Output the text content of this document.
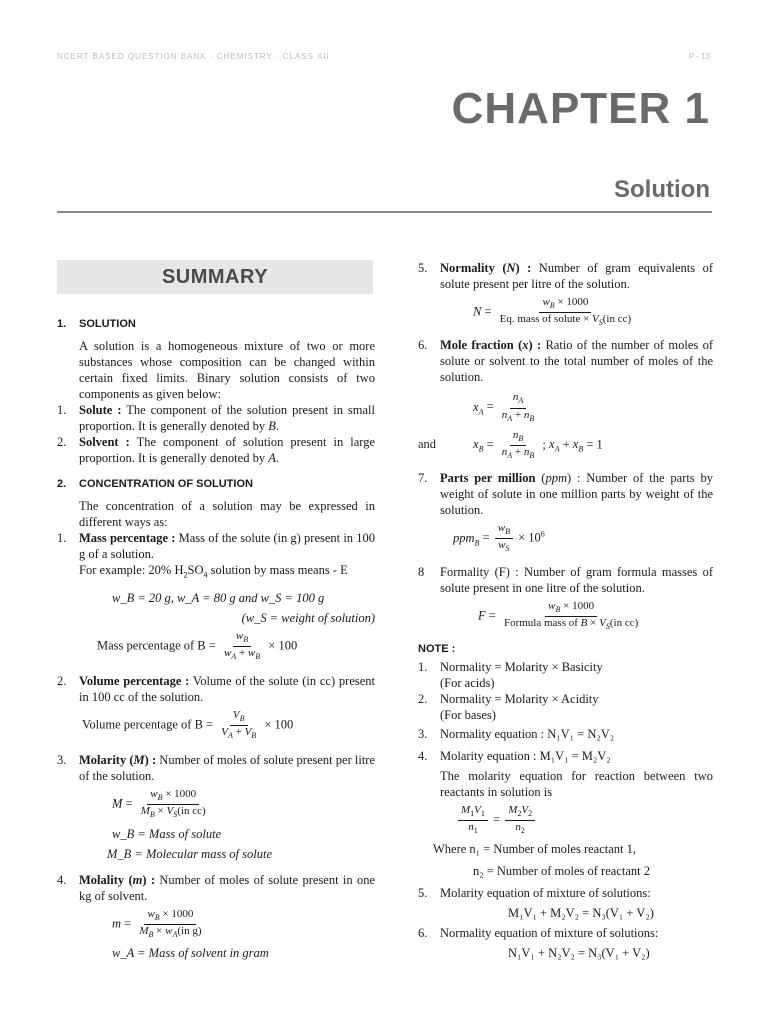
NCERT BASED QUESTION BANK · CHEMISTRY · CLASS XII	P - 13
CHAPTER 1
Solution
SUMMARY
1. SOLUTION

A solution is a homogeneous mixture of two or more substances whose composition can be changed within certain fixed limits. Binary solution consists of two components as given below:

1.	Solute : The component of the solution present in small proportion. It is generally denoted by B.
2.	Solvent : The component of solution present in large proportion. It is generally denoted by A.
2. CONCENTRATION OF SOLUTION

The concentration of a solution may be expressed in different ways as:

1.	Mass percentage : Mass of the solute (in g) present in 100 g of a solution.
For example: 20% $H_2SO_4$ solution by mass means - E
w_B = 20 g, w_A = 80 g and w_S = 100 g
(w_S = weight of solution)
Mass percentage of $B = \frac{w_B}{w_A + w_B} \times 100$
2.	Volume percentage : Volume of the solute (in cc) present in 100 cc of the solution.
Volume percentage of $B = \frac{V_B}{V_A + V_B} \times 100$
3.	Molarity (M) : Number of moles of solute present per litre of the solution.
$M = \frac{w_B \times 1000}{M_B \times V_S(in cc)}$
w_B = Mass of solute
M_B = Molecular mass of solute
4.	Molality (m) : Number of moles of solute present in one kg of solvent.
$m = \frac{w_B \times 1000}{M_B \times w_A(in g)}$
w_A = Mass of solvent in gram
5.	Normality (N) : Number of gram equivalents of solute present per litre of the solution.
$N = \frac{w_B \times 1000}{Eq. mass of solute \times V_S(in cc)}$
6.	Mole fraction (x) : Ratio of the number of moles of solute or solvent to the total number of moles of the solution.
$x_A = \frac{n_A}{n_A + n_B}$
and	$x_B = \frac{n_B}{n_A + n_B}$ ; $x_A + x_B = 1$
7.	Parts per million (ppm) : Number of the parts by weight of solute in one million parts by weight of the solution.
$ppm_B = \frac{w_B}{w_S} \times 10^6$
8	Formality (F) : Number of gram formula masses of solute present in one litre of the solution.
$F = \frac{w_B \times 1000}{Formula mass of B \times V_S(in cc)}$
NOTE :
1.	Normality = Molarity × Basicity
(For acids)
2.	Normality = Molarity × Acidity
(For bases)
3.	Normality equation : N₁V₁ = N₂V₂
4.	Molarity equation : M₁V₁ = M₂V₂
The molarity equation for reaction between two reactants in solution is
$\frac{M_1V_1}{n_1} = \frac{M_2V_2}{n_2}$
Where n₁ = Number of moles reactant 1,
n₂ = Number of moles of reactant 2
5.	Molarity equation of mixture of solutions:
M₁V₁ + M₂V₂ = N₃(V₁ + V₂)
6.	Normality equation of mixture of solutions:
N₁V₁ + N₂V₂ = N₃(V₁ + V₂)
